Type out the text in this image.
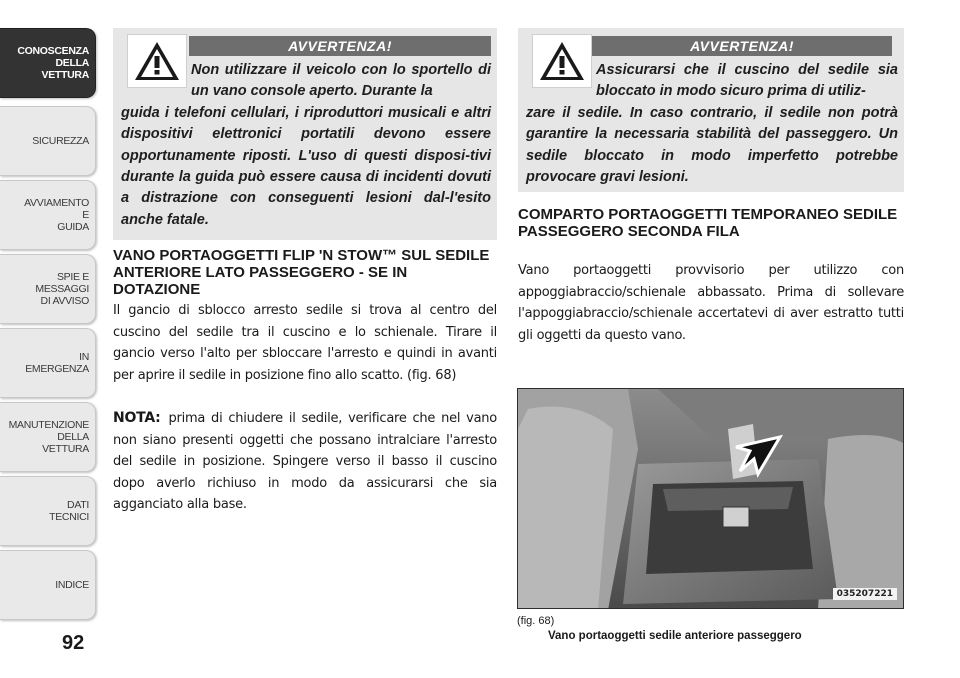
CONOSCENZA
DELLA
VETTURA
SICUREZZA
AVVIAMENTO
E
GUIDA
SPIE E
MESSAGGI
DI AVVISO
IN
EMERGENZA
MANUTENZIONE
DELLA
VETTURA
DATI
TECNICI
INDICE
92
AVVERTENZA!
Non utilizzare il veicolo con lo sportello di un vano console aperto. Durante la
guida i telefoni cellulari, i riproduttori musicali e altri dispositivi elettronici portatili devono essere opportunamente riposti. L'uso di questi disposi-tivi durante la guida può essere causa di incidenti dovuti a distrazione con conseguenti lesioni dal-l'esito anche fatale.
AVVERTENZA!
Assicurarsi che il cuscino del sedile sia bloccato in modo sicuro prima di utiliz-
zare il sedile. In caso contrario, il sedile non potrà garantire la necessaria stabilità del passeggero. Un sedile bloccato in modo imperfetto potrebbe provocare gravi lesioni.
VANO PORTAOGGETTI FLIP 'N STOW™ SUL SEDILE ANTERIORE LATO PASSEGGERO - SE IN DOTAZIONE
Il gancio di sblocco arresto sedile si trova al centro del cuscino del sedile tra il cuscino e lo schienale. Tirare il gancio verso l'alto per sbloccare l'arresto e quindi in avanti per aprire il sedile in posizione fino allo scatto. (fig. 68)
NOTA: prima di chiudere il sedile, verificare che nel vano non siano presenti oggetti che possano intralciare l'arresto del sedile in posizione. Spingere verso il basso il cuscino dopo averlo richiuso in modo da assicurarsi che sia agganciato alla base.
COMPARTO PORTAOGGETTI TEMPORANEO SEDILE PASSEGGERO SECONDA FILA
Vano portaoggetti provvisorio per utilizzo con appoggiabraccio/schienale abbassato. Prima di sollevare l'appoggiabraccio/schienale accertatevi di aver estratto tutti gli oggetti da questo vano.
035207221
(fig. 68)
Vano portaoggetti sedile anteriore passeggero
